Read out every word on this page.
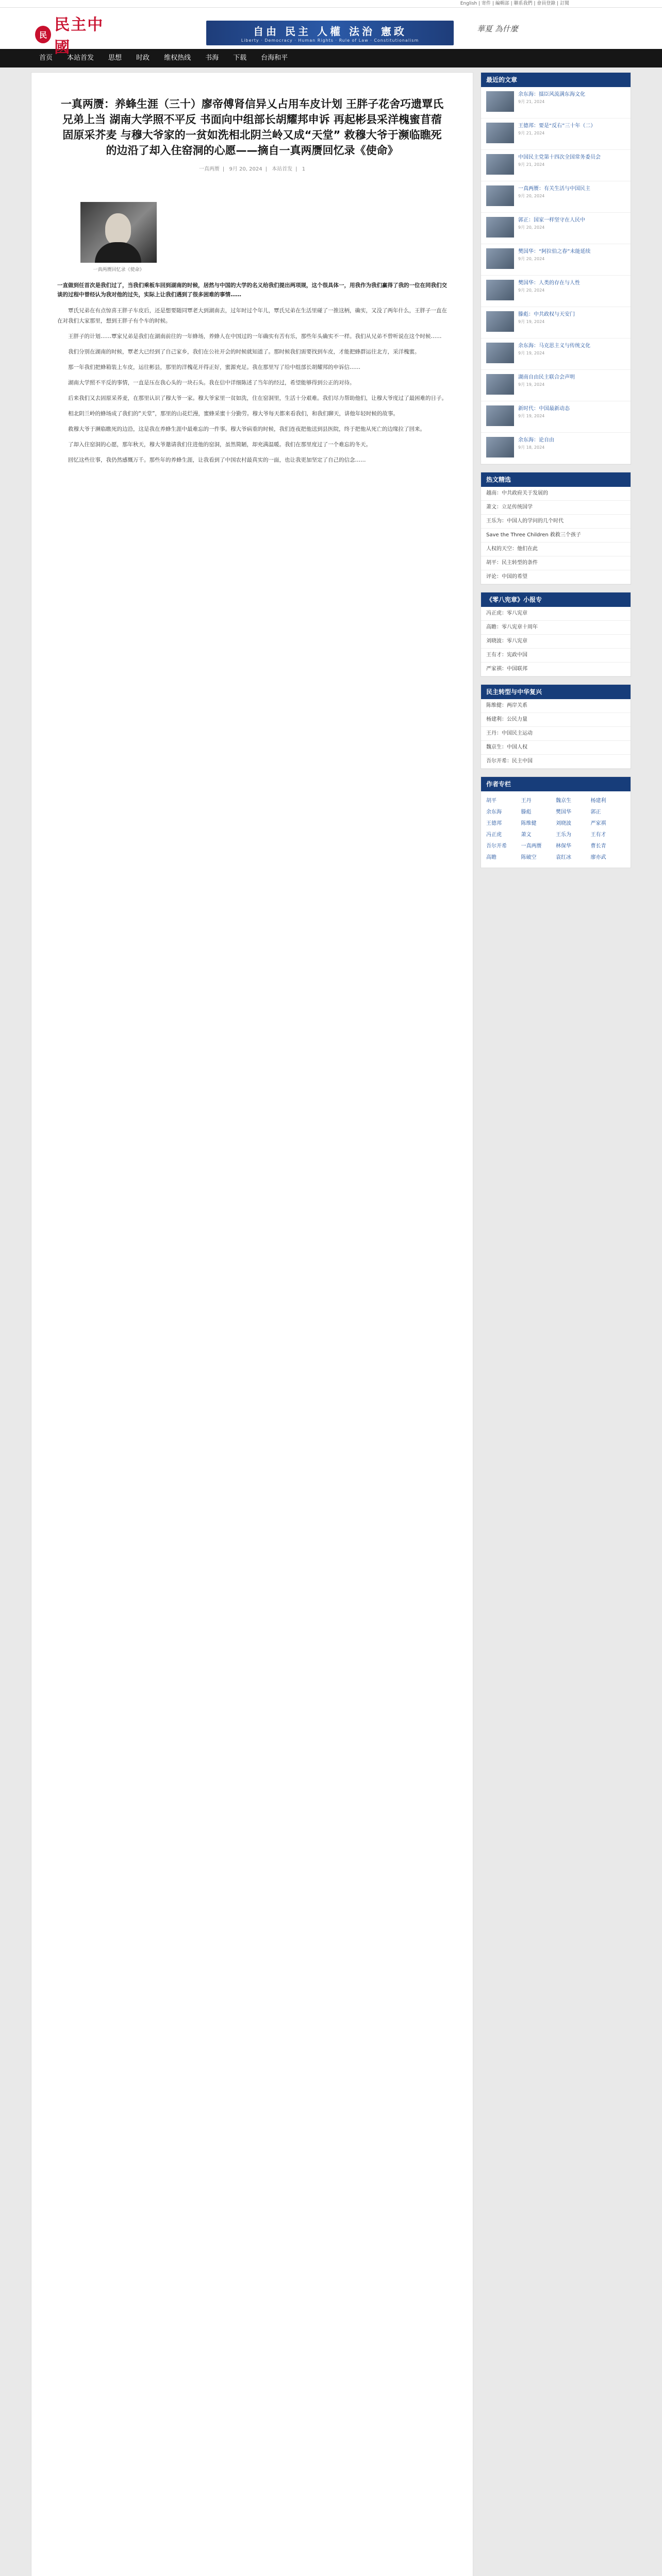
English | 寄件 | 編輯部 | 聯系我們 | 會員登錄 | 訂閱
民
民主中國
自由 民主 人權 法治 憲政
Liberty · Democracy · Human Rights · Rule of Law · Constitutionalism
華夏 為什麼
首页	本站首发	思想	时政	维权热线	书海	下载	台海和平
一真两赝：养蜂生涯（三十）廖帝傅肾信异乂占用车皮计划 王胖子花舍巧遗覃氏兄弟上当 湖南大学照不平反 书面向中组部长胡耀邦申诉 再起彬县采洋槐蜜苜蓿 固原采芥麦 与穆大爷家的一贫如洗相北阴兰岭又成“天堂” 救穆大爷于濒临瞧死的边沿了却入住窑洞的心愿——摘自一真两赝回忆录《使命》
一真两赝 | 9月 20, 2024 | 本站首发 | 1
一真两赝回忆录《使命》
一直做到任首次是我们过了，当我们乘板车回到湖南的时候，居然与中国的大学的名义给我们提出两项规，这个很具体一，用我作为我们赢得了我的一位在同我们交谈的过程中曾经认为我对他的过失，实际上让我们遇到了很多困难的事情……

覃氏兄弟在有点惊喜王胖子车皮后，还是想要随同覃老大到湖南去，过年时过个年儿，覃氏兄弟在生活里碰了一推这柄，确实，又没了两年什么，王胖子一直在在对我们大家那里，想到王胖子有个车的时候。

王胖子的计划……覃家兄弟是我们在湖南前往的一年蜂场，养蜂人在中国过的一年确实有苦有乐，那些年头确实不一样。我们从兄弟不曾听说在这个时候……

我们分别在湖南的时候，覃老大已经到了自己家乡，我们在公社开会的时候就知道了。那时候我们需要找到车皮，才能把蜂群运往北方，采洋槐蜜。

那一年我们把蜂箱装上车皮，运往彬县，那里的洋槐花开得正好，蜜源充足。我在那里写了给中组部长胡耀邦的申诉信……

湖南大学照不平反的事情，一直是压在我心头的一块石头。我在信中详细陈述了当年的经过，希望能够得到公正的对待。

后来我们又去固原采荞麦，在那里认识了穆大爷一家。穆大爷家里一贫如洗，住在窑洞里，生活十分艰难。我们尽力帮助他们，让穆大爷度过了最困难的日子。

相北阴兰岭的蜂场成了我们的“天堂”，那里的山花烂漫，蜜蜂采蜜十分勤劳。穆大爷每天都来看我们，和我们聊天，讲他年轻时候的故事。

救穆大爷于濒临瞧死的边沿，这是我在养蜂生涯中最难忘的一件事。穆大爷病重的时候，我们连夜把他送到县医院，终于把他从死亡的边缘拉了回来。

了却入住窑洞的心愿，那年秋天，穆大爷邀请我们住进他的窑洞，虽然简陋，却充满温暖。我们在那里度过了一个难忘的冬天。

回忆这些往事，我仍然感慨万千。那些年的养蜂生涯，让我看到了中国农村最真实的一面，也让我更加坚定了自己的信念……

最近的文章
余东海：擂臣风流满东海文化
9月 21, 2024
王德邦：要是“反右”三十年（二）
9月 21, 2024
中国民主党第十四次全国常务委员会
9月 21, 2024
一真两赝：有关生活与中国民主
9月 20, 2024
郭正：国家一样坚守在人民中
9月 20, 2024
樊国华：“阿拉伯之春”未能延续
9月 20, 2024
樊国华：人类的存在与人性
9月 20, 2024
滕彪：中共政权与天安门
9月 19, 2024
余东海：马克思主义与传统文化
9月 19, 2024
湖南自由民主联合会声明
9月 19, 2024
新时代：中国最新动态
9月 19, 2024
余东海：论自由
9月 18, 2024
热文精选
越南：中共政府关于发展的
萧文：立足传统国学
王乐为：中国人的学问的几个时代
Save the Three Children 救救三个孩子
人权的天空：他们在此
胡平：民主转型的条件
评论：中国的希望
《零八宪章》小报专
冯正虎：零八宪章
高瞻：零八宪章十周年
刘晓波：零八宪章
王有才：宪政中国
严家祺：中国联邦
民主转型与中华复兴
陈维健：两岸关系
杨建利：公民力量
王丹：中国民主运动
魏京生：中国人权
吾尔开希：民主中国
作者专栏
胡平	王丹	魏京生	杨建利
余东海	滕彪	樊国华	郭正
王德邦	陈维健	刘晓波	严家祺
冯正虎	萧文	王乐为	王有才
吾尔开希	一真两赝	林保华	曹长青
高瞻	陈破空	袁红冰	廖亦武
